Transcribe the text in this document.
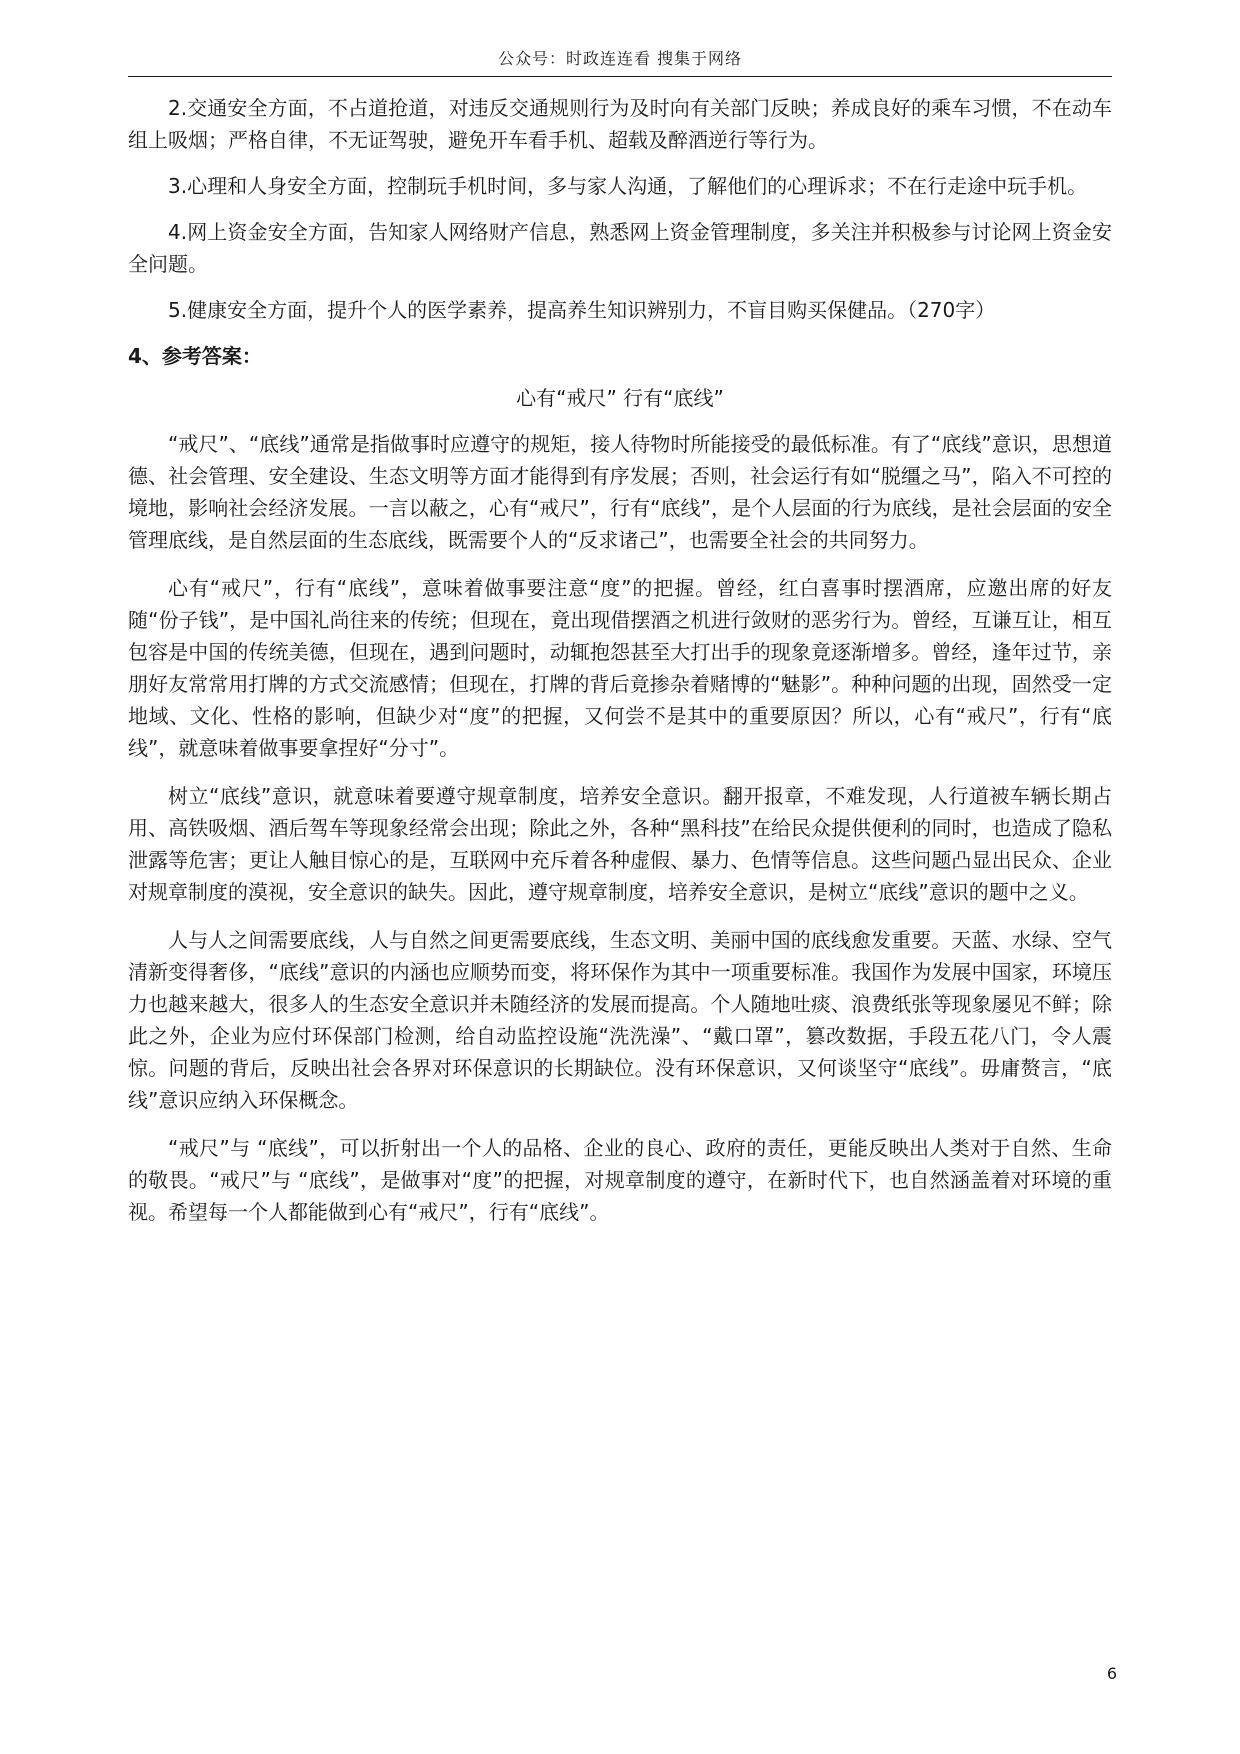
公众号：时政连连看 搜集于网络

2.交通安全方面，不占道抢道，对违反交通规则行为及时向有关部门反映；养成良好的乘车习惯，不在动车组上吸烟；严格自律，不无证驾驶，避免开车看手机、超载及醉酒逆行等行为。

3.心理和人身安全方面，控制玩手机时间，多与家人沟通，了解他们的心理诉求；不在行走途中玩手机。

4.网上资金安全方面，告知家人网络财产信息，熟悉网上资金管理制度，多关注并积极参与讨论网上资金安全问题。

5.健康安全方面，提升个人的医学素养，提高养生知识辨别力，不盲目购买保健品。（270字）

4、参考答案：
心有“戒尺” 行有“底线”

“戒尺”、“底线”通常是指做事时应遵守的规矩，接人待物时所能接受的最低标准。有了“底线”意识，思想道德、社会管理、安全建设、生态文明等方面才能得到有序发展；否则，社会运行有如“脱缰之马”，陷入不可控的境地，影响社会经济发展。一言以蔽之，心有“戒尺”，行有“底线”，是个人层面的行为底线，是社会层面的安全管理底线，是自然层面的生态底线，既需要个人的“反求诸己”，也需要全社会的共同努力。

心有“戒尺”，行有“底线”，意味着做事要注意“度”的把握。曾经，红白喜事时摆酒席，应邀出席的好友随“份子钱”，是中国礼尚往来的传统；但现在，竟出现借摆酒之机进行敛财的恶劣行为。曾经，互谦互让，相互包容是中国的传统美德，但现在，遇到问题时，动辄抱怨甚至大打出手的现象竟逐渐增多。曾经，逢年过节，亲朋好友常常用打牌的方式交流感情；但现在，打牌的背后竟掺杂着赌博的“魅影”。种种问题的出现，固然受一定地域、文化、性格的影响，但缺少对“度”的把握，又何尝不是其中的重要原因？所以，心有“戒尺”，行有“底线”，就意味着做事要拿捏好“分寸”。

树立“底线”意识，就意味着要遵守规章制度，培养安全意识。翻开报章，不难发现，人行道被车辆长期占用、高铁吸烟、酒后驾车等现象经常会出现；除此之外，各种“黑科技”在给民众提供便利的同时，也造成了隐私泄露等危害；更让人触目惊心的是，互联网中充斥着各种虚假、暴力、色情等信息。这些问题凸显出民众、企业对规章制度的漠视，安全意识的缺失。因此，遵守规章制度，培养安全意识，是树立“底线”意识的题中之义。

人与人之间需要底线，人与自然之间更需要底线，生态文明、美丽中国的底线愈发重要。天蓝、水绿、空气清新变得奢侈，“底线”意识的内涵也应顺势而变，将环保作为其中一项重要标准。我国作为发展中国家，环境压力也越来越大，很多人的生态安全意识并未随经济的发展而提高。个人随地吐痰、浪费纸张等现象屡见不鲜；除此之外，企业为应付环保部门检测，给自动监控设施“洗洗澡”、“戴口罩”，篡改数据，手段五花八门，令人震惊。问题的背后，反映出社会各界对环保意识的长期缺位。没有环保意识，又何谈坚守“底线”。毋庸赘言，“底线”意识应纳入环保概念。

“戒尺”与 “底线”，可以折射出一个人的品格、企业的良心、政府的责任，更能反映出人类对于自然、生命的敬畏。“戒尺”与 “底线”，是做事对“度”的把握，对规章制度的遵守，在新时代下，也自然涵盖着对环境的重视。希望每一个人都能做到心有“戒尺”，行有“底线”。

6
